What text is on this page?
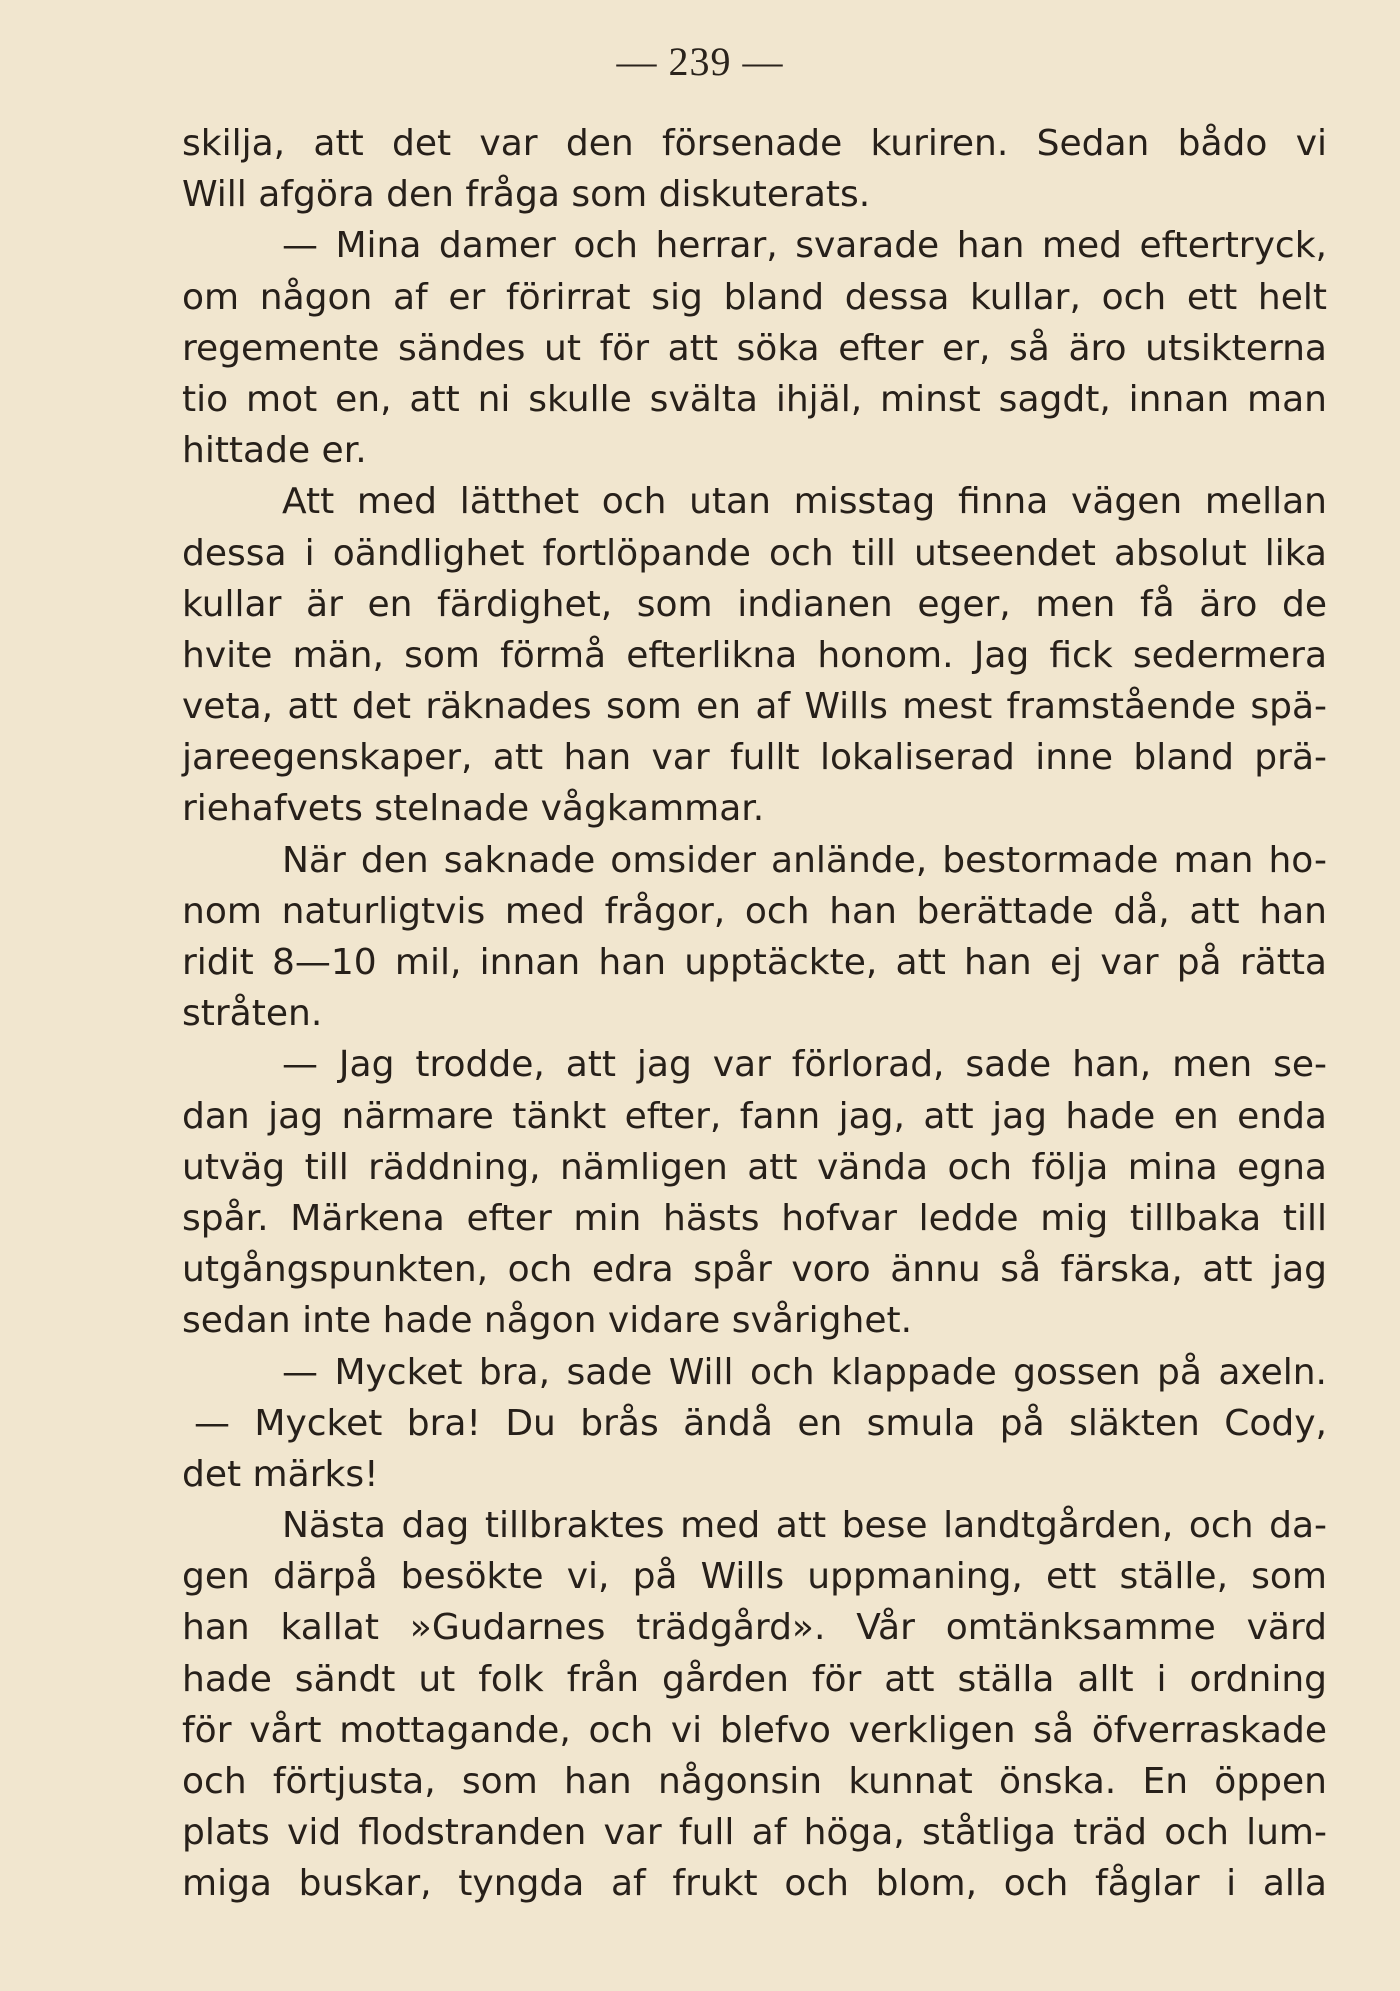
— 239 —
skilja, att det var den försenade kuriren. Sedan bådo vi
Will afgöra den fråga som diskuterats.
— Mina damer och herrar, svarade han med eftertryck,
om någon af er förirrat sig bland dessa kullar, och ett helt
regemente sändes ut för att söka efter er, så äro utsikterna
tio mot en, att ni skulle svälta ihjäl, minst sagdt, innan man
hittade er.
Att med lätthet och utan misstag finna vägen mellan
dessa i oändlighet fortlöpande och till utseendet absolut lika
kullar är en färdighet, som indianen eger, men få äro de
hvite män, som förmå efterlikna honom. Jag fick sedermera
veta, att det räknades som en af Wills mest framstående spä-
jareegenskaper, att han var fullt lokaliserad inne bland prä-
riehafvets stelnade vågkammar.
När den saknade omsider anlände, bestormade man ho-
nom naturligtvis med frågor, och han berättade då, att han
ridit 8—10 mil, innan han upptäckte, att han ej var på rätta
stråten.
— Jag trodde, att jag var förlorad, sade han, men se-
dan jag närmare tänkt efter, fann jag, att jag hade en enda
utväg till räddning, nämligen att vända och följa mina egna
spår. Märkena efter min hästs hofvar ledde mig tillbaka till
utgångspunkten, och edra spår voro ännu så färska, att jag
sedan inte hade någon vidare svårighet.
— Mycket bra, sade Will och klappade gossen på axeln.
— Mycket bra! Du brås ändå en smula på släkten Cody,
det märks!
Nästa dag tillbraktes med att bese landtgården, och da-
gen därpå besökte vi, på Wills uppmaning, ett ställe, som
han kallat »Gudarnes trädgård». Vår omtänksamme värd
hade sändt ut folk från gården för att ställa allt i ordning
för vårt mottagande, och vi blefvo verkligen så öfverraskade
och förtjusta, som han någonsin kunnat önska. En öppen
plats vid flodstranden var full af höga, ståtliga träd och lum-
miga buskar, tyngda af frukt och blom, och fåglar i alla
